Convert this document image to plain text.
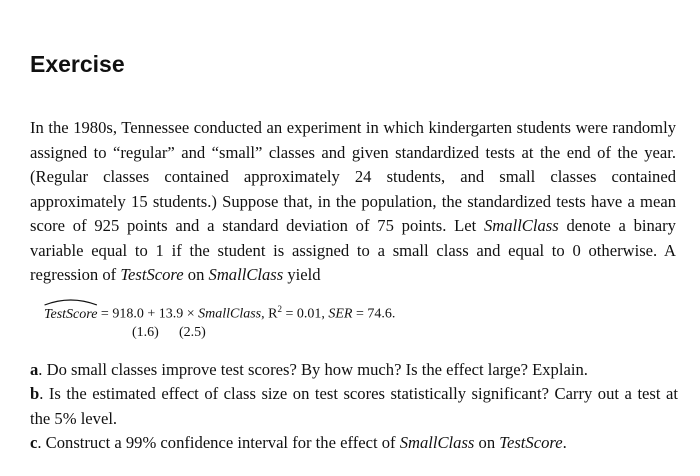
Exercise
In the 1980s, Tennessee conducted an experiment in which kindergarten students were randomly assigned to “regular” and “small” classes and given standardized tests at the end of the year. (Regular classes contained approximately 24 students, and small classes contained approximately 15 students.) Suppose that, in the population, the standardized tests have a mean score of 925 points and a standard deviation of 75 points. Let SmallClass denote a binary variable equal to 1 if the student is assigned to a small class and equal to 0 otherwise. A regression of TestScore on SmallClass yield
TestScore = 918.0 + 13.9 × SmallClass, $R^2 = 0.01$, SER = 74.6.
(1.6) (2.5)
a. Do small classes improve test scores? By how much? Is the effect large? Explain.
b. Is the estimated effect of class size on test scores statistically significant? Carry out a test at the 5% level.
c. Construct a 99% confidence interval for the effect of SmallClass on TestScore.
